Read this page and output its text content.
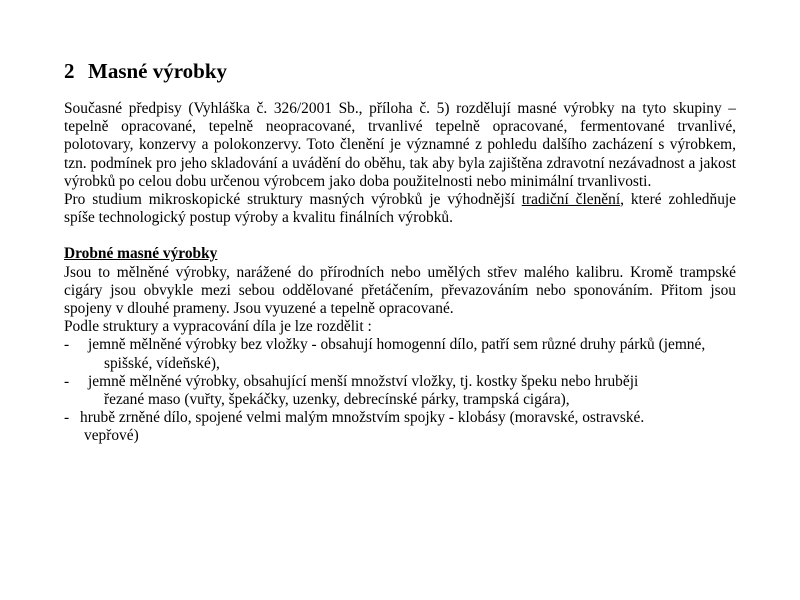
2 Masné výrobky

Současné předpisy (Vyhláška č. 326/2001 Sb., příloha č. 5) rozdělují masné výrobky na tyto skupiny – tepelně opracované, tepelně neopracované, trvanlivé tepelně opracované, fermentované trvanlivé, polotovary, konzervy a polokonzervy. Toto členění je významné z pohledu dalšího zacházení s výrobkem, tzn. podmínek pro jeho skladování a uvádění do oběhu, tak aby byla zajištěna zdravotní nezávadnost a jakost výrobků po celou dobu určenou výrobcem jako doba použitelnosti nebo minimální trvanlivosti.

Pro studium mikroskopické struktury masných výrobků je výhodnější tradiční členění, které zohledňuje spíše technologický postup výroby a kvalitu finálních výrobků.

Drobné masné výrobky

Jsou to mělněné výrobky, narážené do přírodních nebo umělých střev malého kalibru. Kromě trampské cigáry jsou obvykle mezi sebou oddělované přetáčením, převazováním nebo sponováním. Přitom jsou spojeny v dlouhé prameny. Jsou vyuzené a tepelně opracované.

Podle struktury a vypracování díla je lze rozdělit :

- jemně mělněné výrobky bez vložky - obsahují homogenní dílo, patří sem různé druhy párků (jemné,
spišské, vídeňské),
- jemně mělněné výrobky, obsahující menší množství vložky, tj. kostky špeku nebo hruběji
řezané maso (vuřty, špekáčky, uzenky, debrecínské párky, trampská cigára),
- hrubě zrněné dílo, spojené velmi malým množstvím spojky - klobásy (moravské, ostravské.
vepřové)
